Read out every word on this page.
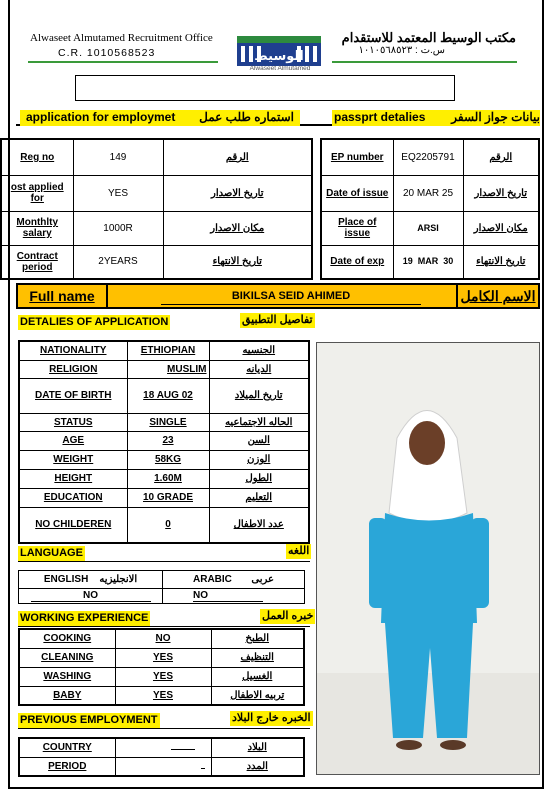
Alwaseet Almutamed Recruitment Office
C.R. 1010568523
مكتب الوسيط المعتمد للاستقدام
س.ت : ١٠١٠٥٦٨٥٢٣
الوسيط
Alwaseet Almutamed
application for employmet استماره طلب عمل	passprt detalies بيانات جواز السفر
Reg no	149	الرقم
ost applied for	YES	تاريخ الاصدار
Monthlty salary	1000R	مكان الاصدار
Contract period	2YEARS	تاريخ الانتهاء
EP number	EQ2205791	الرقم
Date of issue	20 MAR 25	تاريخ الاصدار
Place of issue	ARSI	مكان الاصدار
Date of exp	19  MAR  30	تاريخ الانتهاء
Full name	BIKILSA SEID AHIMED	الاسم الكامل
DETALIES OF APPLICATION	تفاصيل التطبيق
NATIONALITY	ETHIOPIAN	الجنسيه
RELIGION	MUSLIM	الديانه
DATE OF BIRTH	18 AUG 02	تاريخ الميلاد
STATUS	SINGLE	الحاله الاجتماعيه
AGE	23	السن
WEIGHT	58KG	الوزن
HEIGHT	1.60M	الطول
EDUCATION	10 GRADE	التعليم
NO CHILDEREN	0	عدد الاطفال
LANGUAGE	اللغه
ENGLISH الانجليزيه	ARABIC عربى
NO	NO
WORKING EXPERIENCE	خبره العمل
COOKING	NO	الطبخ
CLEANING	YES	التنظيف
WASHING	YES	الغسيل
BABY	YES	تربيه الاطفال
PREVIOUS EMPLOYMENT	الخبره خارج البلاد
COUNTRY		البلاد
PERIOD		المدد
